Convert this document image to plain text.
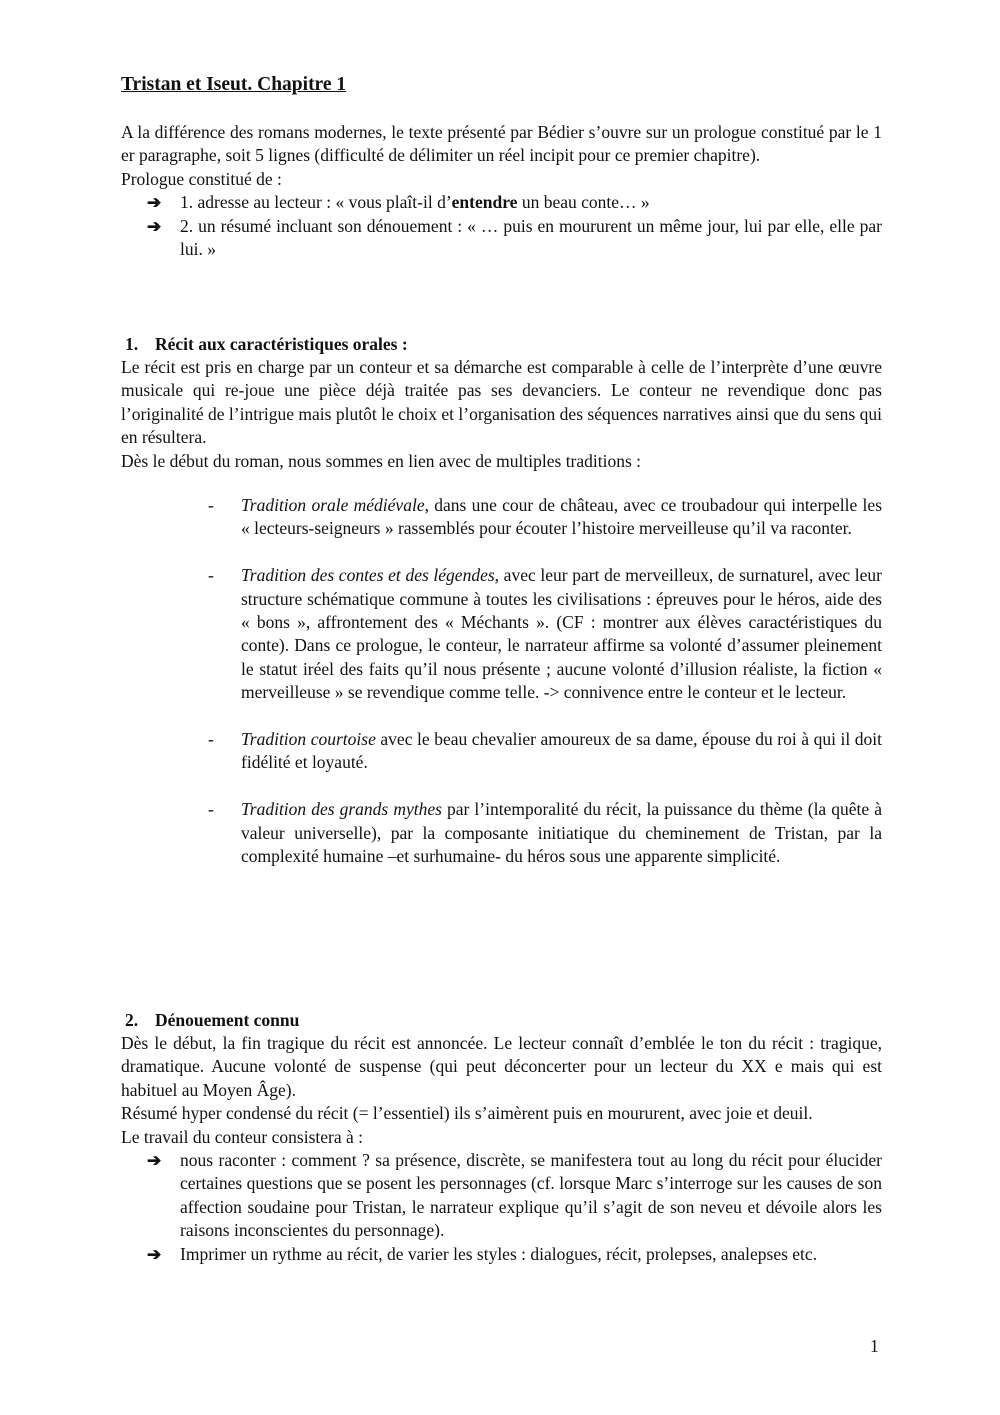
Tristan et Iseut. Chapitre 1

A la différence des romans modernes, le texte présenté par Bédier s’ouvre sur un prologue constitué par le 1 er paragraphe, soit 5 lignes (difficulté de délimiter un réel incipit pour ce premier chapitre).

Prologue constitué de :

➔ 1. adresse au lecteur : « vous plaît-il d’entendre un beau conte… »
➔ 2. un résumé incluant son dénouement : « … puis en moururent un même jour, lui par elle, elle par lui. »
1. Récit aux caractéristiques orales :

Le récit est pris en charge par un conteur et sa démarche est comparable à celle de l’interprète d’une œuvre musicale qui re-joue une pièce déjà traitée pas ses devanciers. Le conteur ne revendique donc pas l’originalité de l’intrigue mais plutôt le choix et l’organisation des séquences narratives ainsi que du sens qui en résultera.

Dès le début du roman, nous sommes en lien avec de multiples traditions :

- Tradition orale médiévale, dans une cour de château, avec ce troubadour qui interpelle les « lecteurs-seigneurs » rassemblés pour écouter l’histoire merveilleuse qu’il va raconter.
- Tradition des contes et des légendes, avec leur part de merveilleux, de surnaturel, avec leur structure schématique commune à toutes les civilisations : épreuves pour le héros, aide des « bons », affrontement des « Méchants ». (CF : montrer aux élèves caractéristiques du conte). Dans ce prologue, le conteur, le narrateur affirme sa volonté d’assumer pleinement le statut iréel des faits qu’il nous présente ; aucune volonté d’illusion réaliste, la fiction « merveilleuse » se revendique comme telle. -> connivence entre le conteur et le lecteur.
- Tradition courtoise avec le beau chevalier amoureux de sa dame, épouse du roi à qui il doit fidélité et loyauté.
- Tradition des grands mythes par l’intemporalité du récit, la puissance du thème (la quête à valeur universelle), par la composante initiatique du cheminement de Tristan, par la complexité humaine –et surhumaine- du héros sous une apparente simplicité.
2. Dénouement connu

Dès le début, la fin tragique du récit est annoncée. Le lecteur connaît d’emblée le ton du récit : tragique, dramatique. Aucune volonté de suspense (qui peut déconcerter pour un lecteur du XX e mais qui est habituel au Moyen Âge).

Résumé hyper condensé du récit (= l’essentiel) ils s’aimèrent puis en moururent, avec joie et deuil.

Le travail du conteur consistera à :

➔ nous raconter : comment ? sa présence, discrète, se manifestera tout au long du récit pour élucider certaines questions que se posent les personnages (cf. lorsque Marc s’interroge sur les causes de son affection soudaine pour Tristan, le narrateur explique qu’il s’agit de son neveu et dévoile alors les raisons inconscientes du personnage).
➔ Imprimer un rythme au récit, de varier les styles : dialogues, récit, prolepses, analepses etc.
1
